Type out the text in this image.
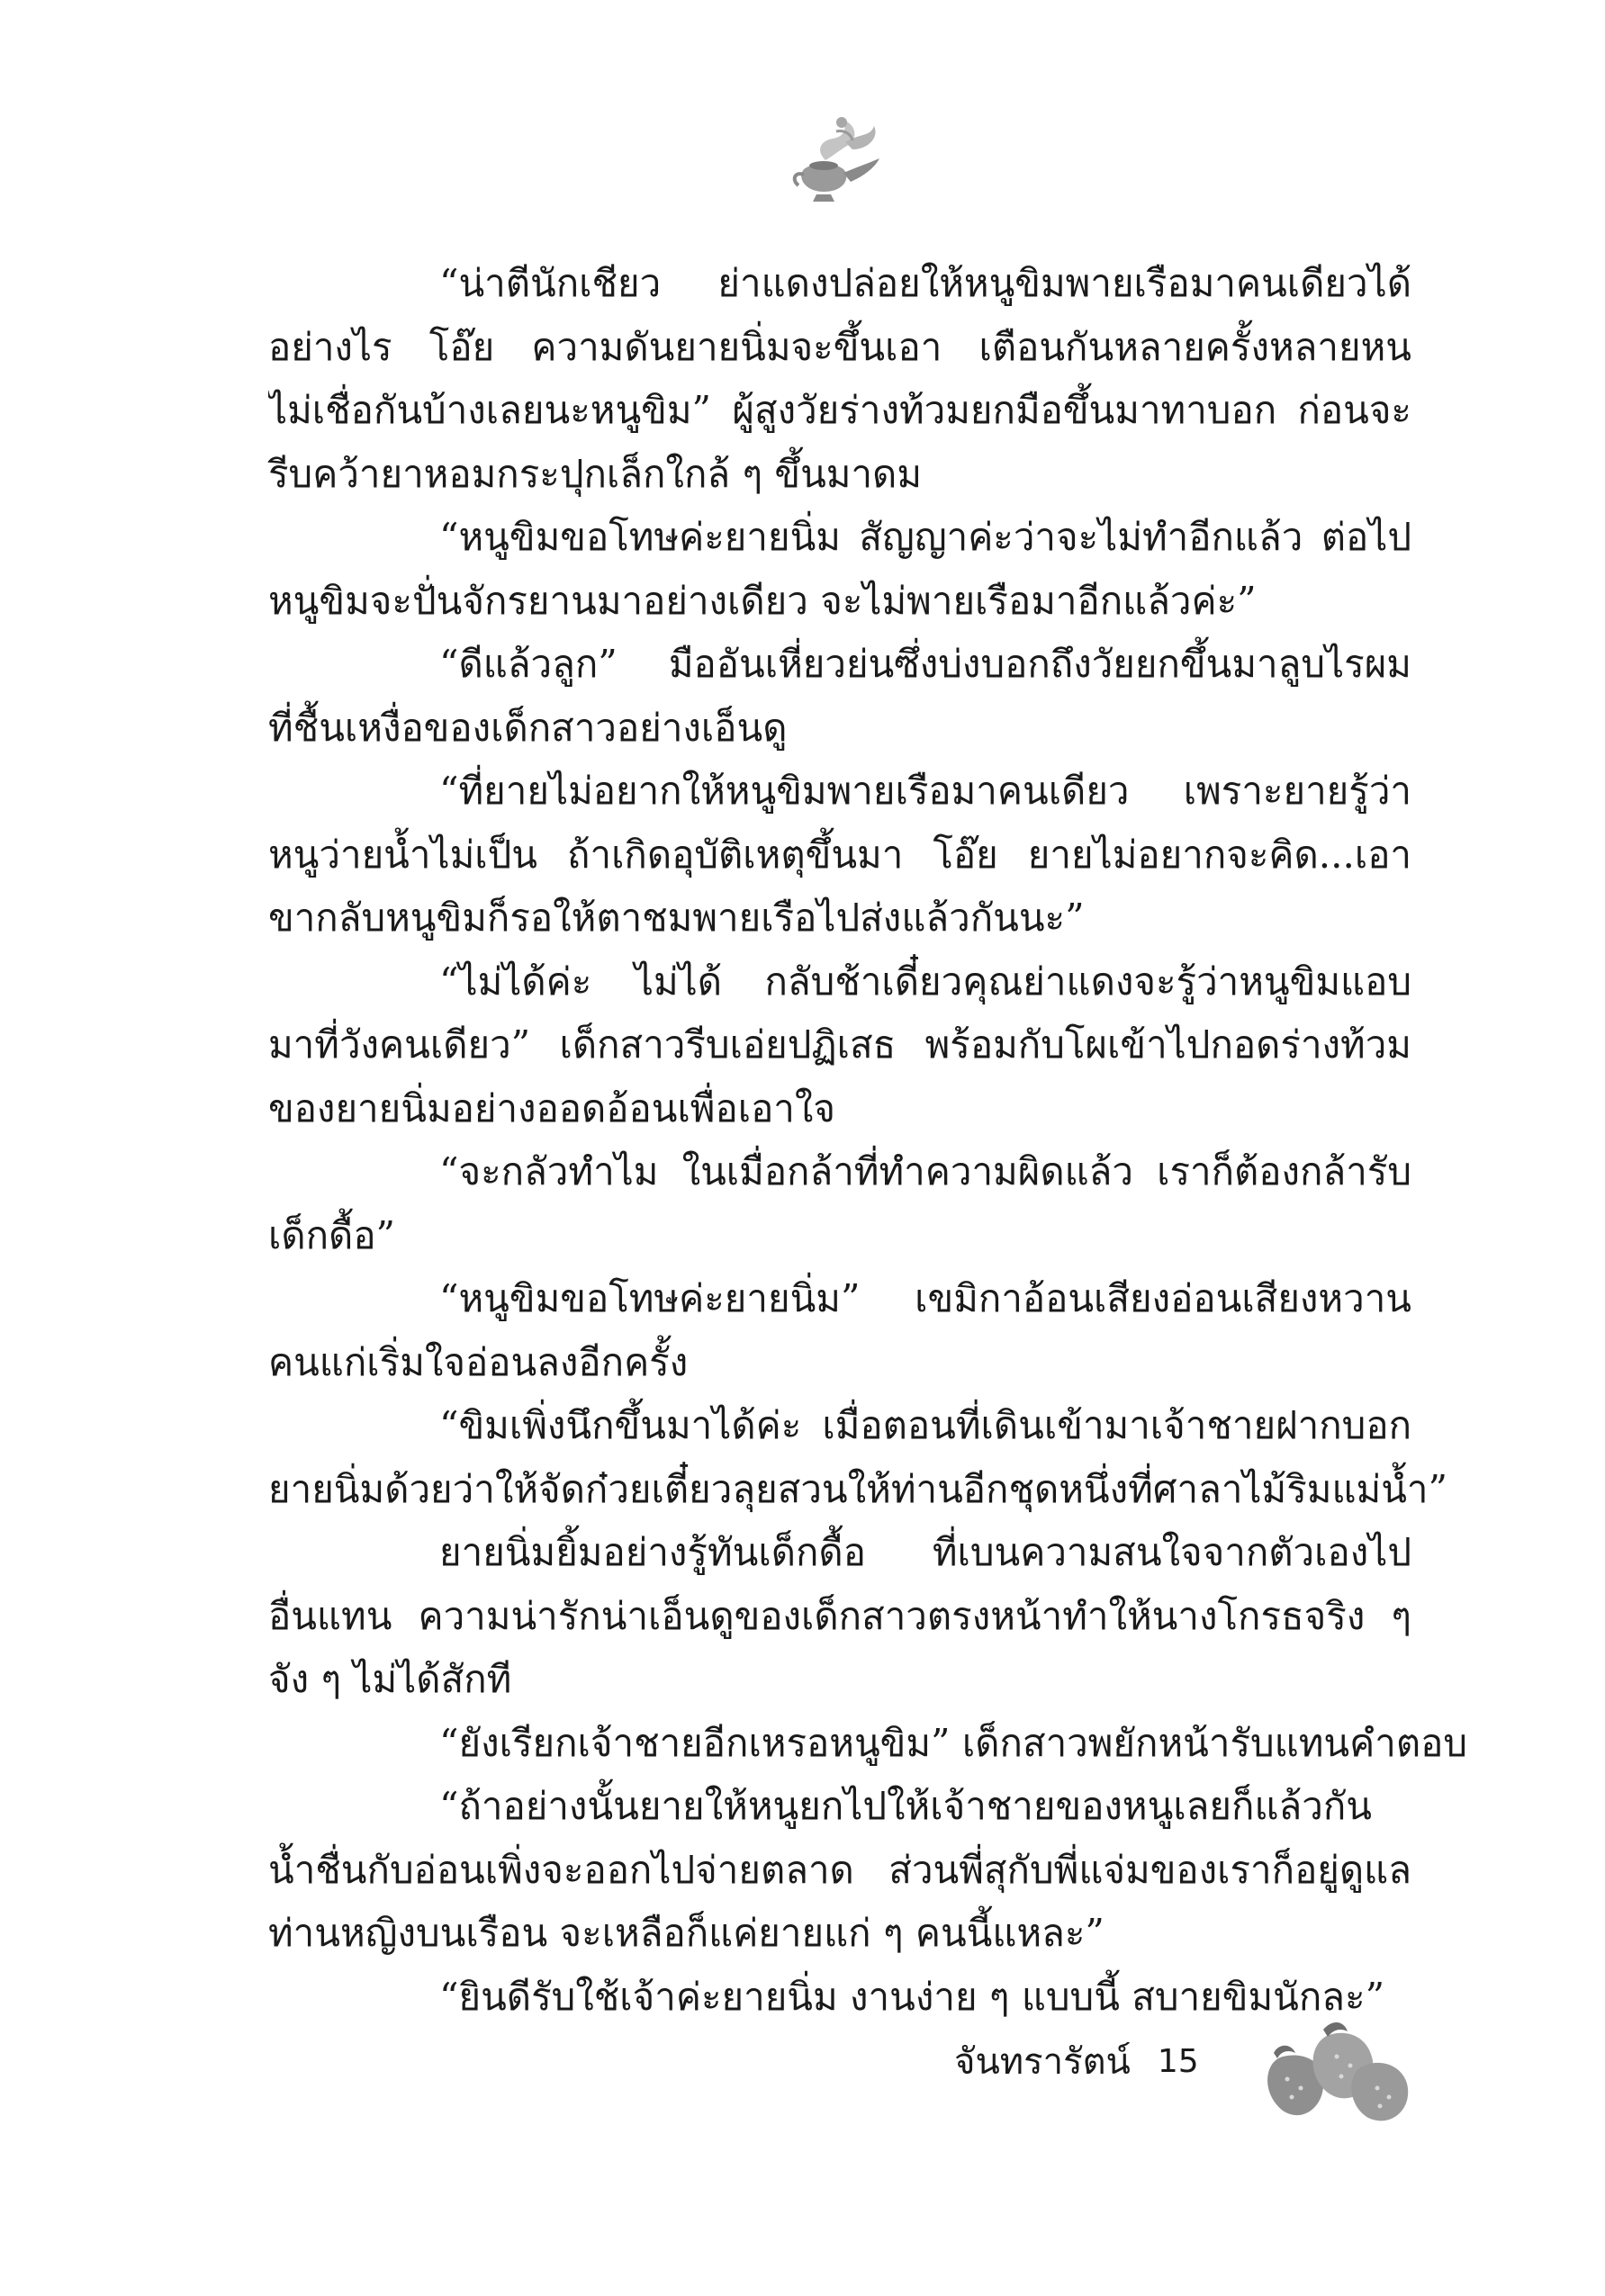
“น่าตีนักเชียว ย่าแดงปล่อยให้หนูขิมพายเรือมาคนเดียวได้
อย่างไร โอ๊ย ความดันยายนิ่มจะขึ้นเอา เตือนกันหลายครั้งหลายหน
ไม่เชื่อกันบ้างเลยนะหนูขิม” ผู้สูงวัยร่างท้วมยกมือขึ้นมาทาบอก ก่อนจะ
รีบคว้ายาหอมกระปุกเล็กใกล้ ๆ ขึ้นมาดม
“หนูขิมขอโทษค่ะยายนิ่ม สัญญาค่ะว่าจะไม่ทำอีกแล้ว ต่อไป
หนูขิมจะปั่นจักรยานมาอย่างเดียว จะไม่พายเรือมาอีกแล้วค่ะ”
“ดีแล้วลูก” มืออันเหี่ยวย่นซึ่งบ่งบอกถึงวัยยกขึ้นมาลูบไรผม
ที่ชื้นเหงื่อของเด็กสาวอย่างเอ็นดู
“ที่ยายไม่อยากให้หนูขิมพายเรือมาคนเดียว เพราะยายรู้ว่า
หนูว่ายน้ำไม่เป็น ถ้าเกิดอุบัติเหตุขึ้นมา โอ๊ย ยายไม่อยากจะคิด...เอา
ขากลับหนูขิมก็รอให้ตาชมพายเรือไปส่งแล้วกันนะ”
“ไม่ได้ค่ะ ไม่ได้ กลับช้าเดี๋ยวคุณย่าแดงจะรู้ว่าหนูขิมแอบ
มาที่วังคนเดียว” เด็กสาวรีบเอ่ยปฏิเสธ พร้อมกับโผเข้าไปกอดร่างท้วม
ของยายนิ่มอย่างออดอ้อนเพื่อเอาใจ
“จะกลัวทำไม ในเมื่อกล้าที่ทำความผิดแล้ว เราก็ต้องกล้ารับ
เด็กดื้อ”
“หนูขิมขอโทษค่ะยายนิ่ม” เขมิกาอ้อนเสียงอ่อนเสียงหวาน
คนแก่เริ่มใจอ่อนลงอีกครั้ง
“ขิมเพิ่งนึกขึ้นมาได้ค่ะ เมื่อตอนที่เดินเข้ามาเจ้าชายฝากบอก
ยายนิ่มด้วยว่าให้จัดก๋วยเตี๋ยวลุยสวนให้ท่านอีกชุดหนึ่งที่ศาลาไม้ริมแม่น้ำ”
ยายนิ่มยิ้มอย่างรู้ทันเด็กดื้อ ที่เบนความสนใจจากตัวเองไป
อื่นแทน ความน่ารักน่าเอ็นดูของเด็กสาวตรงหน้าทำให้นางโกรธจริง ๆ
จัง ๆ ไม่ได้สักที
“ยังเรียกเจ้าชายอีกเหรอหนูขิม” เด็กสาวพยักหน้ารับแทนคำตอบ
“ถ้าอย่างนั้นยายให้หนูยกไปให้เจ้าชายของหนูเลยก็แล้วกัน
น้ำชื่นกับอ่อนเพิ่งจะออกไปจ่ายตลาด ส่วนพี่สุกับพี่แจ่มของเราก็อยู่ดูแล
ท่านหญิงบนเรือน จะเหลือก็แค่ยายแก่ ๆ คนนี้แหละ”
“ยินดีรับใช้เจ้าค่ะยายนิ่ม งานง่าย ๆ แบบนี้ สบายขิมนักละ”
จันทรารัตน์ 15
